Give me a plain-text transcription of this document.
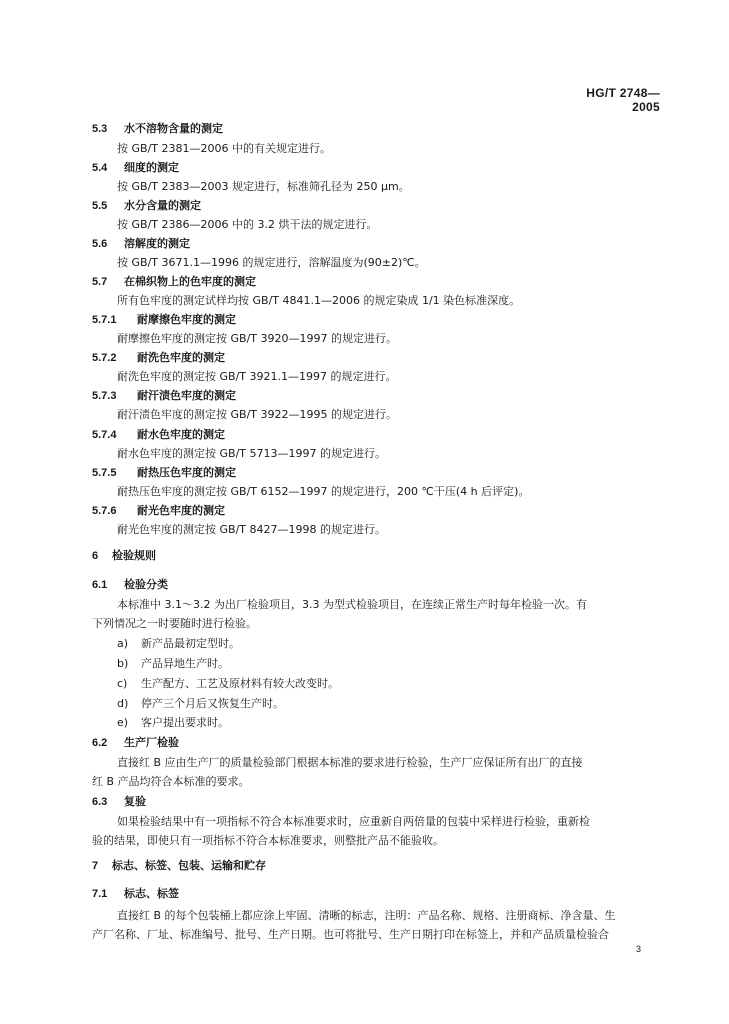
HG/T 2748—2005
5.3 水不溶物含量的测定
按 GB/T 2381—2006 中的有关规定进行。
5.4 细度的测定
按 GB/T 2383—2003 规定进行，标准筛孔径为 250 μm。
5.5 水分含量的测定
按 GB/T 2386—2006 中的 3.2 烘干法的规定进行。
5.6 溶解度的测定
按 GB/T 3671.1—1996 的规定进行，溶解温度为(90±2)℃。
5.7 在棉织物上的色牢度的测定
所有色牢度的测定试样均按 GB/T 4841.1—2006 的规定染成 1/1 染色标准深度。
5.7.1 耐摩擦色牢度的测定
耐摩擦色牢度的测定按 GB/T 3920—1997 的规定进行。
5.7.2 耐洗色牢度的测定
耐洗色牢度的测定按 GB/T 3921.1—1997 的规定进行。
5.7.3 耐汗渍色牢度的测定
耐汗渍色牢度的测定按 GB/T 3922—1995 的规定进行。
5.7.4 耐水色牢度的测定
耐水色牢度的测定按 GB/T 5713—1997 的规定进行。
5.7.5 耐热压色牢度的测定
耐热压色牢度的测定按 GB/T 6152—1997 的规定进行，200 ℃干压(4 h 后评定)。
5.7.6 耐光色牢度的测定
耐光色牢度的测定按 GB/T 8427—1998 的规定进行。
6 检验规则
6.1 检验分类
本标准中 3.1～3.2 为出厂检验项目，3.3 为型式检验项目，在连续正常生产时每年检验一次。有
下列情况之一时要随时进行检验。
a) 新产品最初定型时。
b) 产品异地生产时。
c) 生产配方、工艺及原材料有较大改变时。
d) 停产三个月后又恢复生产时。
e) 客户提出要求时。
6.2 生产厂检验
直接红 B 应由生产厂的质量检验部门根据本标准的要求进行检验，生产厂应保证所有出厂的直接
红 B 产品均符合本标准的要求。
6.3 复验
如果检验结果中有一项指标不符合本标准要求时，应重新自两倍量的包装中采样进行检验，重新检
验的结果，即使只有一项指标不符合本标准要求，则整批产品不能验收。
7 标志、标签、包装、运输和贮存
7.1 标志、标签
直接红 B 的每个包装桶上都应涂上牢固、清晰的标志，注明：产品名称、规格、注册商标、净含量、生
产厂名称、厂址、标准编号、批号、生产日期。也可将批号、生产日期打印在标签上，并和产品质量检验合
3
